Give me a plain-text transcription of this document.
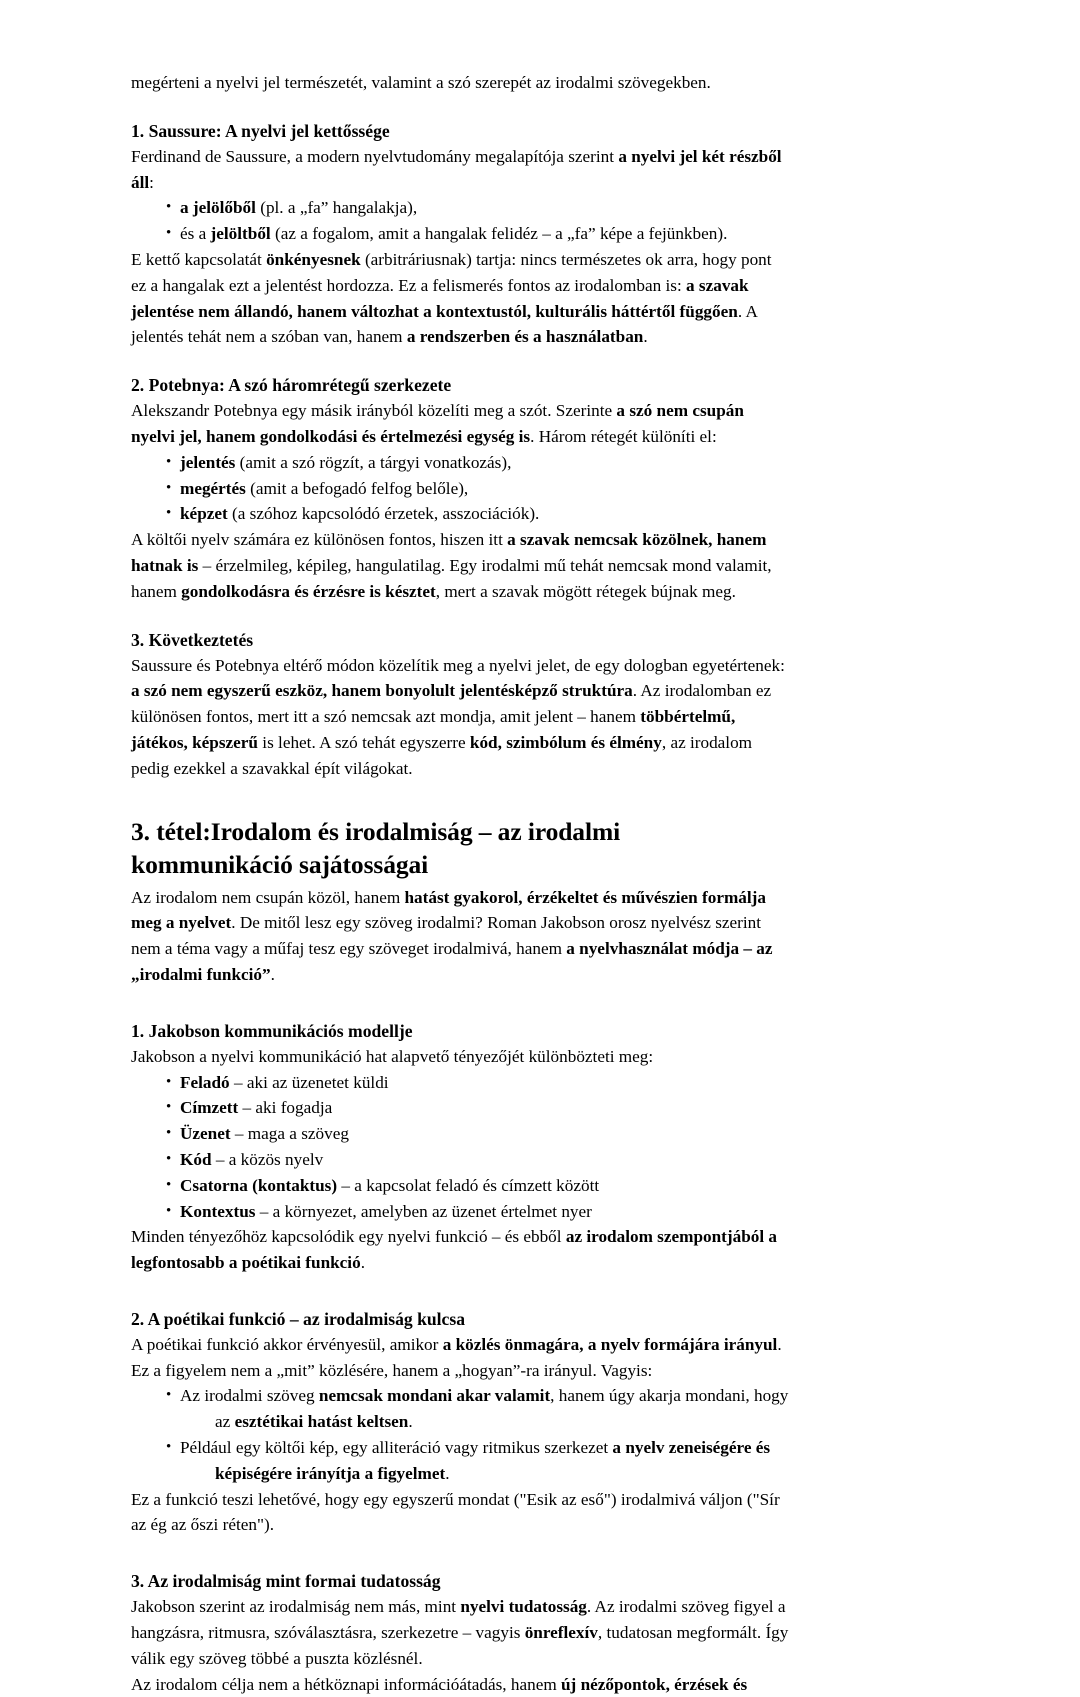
megérteni a nyelvi jel természetét, valamint a szó szerepét az irodalmi szövegekben.

1. Saussure: A nyelvi jel kettőssége

Ferdinand de Saussure, a modern nyelvtudomány megalapítója szerint a nyelvi jel két részből áll:

• a jelölőből (pl. a „fa” hangalakja),
• és a jelöltből (az a fogalom, amit a hangalak felidéz – a „fa” képe a fejünkben).

E kettő kapcsolatát önkényesnek (arbitráriusnak) tartja: nincs természetes ok arra, hogy pont ez a hangalak ezt a jelentést hordozza. Ez a felismerés fontos az irodalomban is: a szavak jelentése nem állandó, hanem változhat a kontextustól, kulturális háttértől függően. A jelentés tehát nem a szóban van, hanem a rendszerben és a használatban.

2. Potebnya: A szó háromrétegű szerkezete

Alekszandr Potebnya egy másik irányból közelíti meg a szót. Szerinte a szó nem csupán nyelvi jel, hanem gondolkodási és értelmezési egység is. Három rétegét különíti el:

• jelentés (amit a szó rögzít, a tárgyi vonatkozás),
• megértés (amit a befogadó felfog belőle),
• képzet (a szóhoz kapcsolódó érzetek, asszociációk).

A költői nyelv számára ez különösen fontos, hiszen itt a szavak nemcsak közölnek, hanem hatnak is – érzelmileg, képileg, hangulatilag. Egy irodalmi mű tehát nemcsak mond valamit, hanem gondolkodásra és érzésre is késztet, mert a szavak mögött rétegek bújnak meg.

3. Következtetés

Saussure és Potebnya eltérő módon közelítik meg a nyelvi jelet, de egy dologban egyetértenek: a szó nem egyszerű eszköz, hanem bonyolult jelentésképző struktúra. Az irodalomban ez különösen fontos, mert itt a szó nemcsak azt mondja, amit jelent – hanem többértelmű, játékos, képszerű is lehet. A szó tehát egyszerre kód, szimbólum és élmény, az irodalom pedig ezekkel a szavakkal épít világokat.

3. tétel:Irodalom és irodalmiság – az irodalmi
kommunikáció sajátosságai

Az irodalom nem csupán közöl, hanem hatást gyakorol, érzékeltet és művészien formálja meg a nyelvet. De mitől lesz egy szöveg irodalmi? Roman Jakobson orosz nyelvész szerint nem a téma vagy a műfaj tesz egy szöveget irodalmivá, hanem a nyelvhasználat módja – az „irodalmi funkció”.

1. Jakobson kommunikációs modellje

Jakobson a nyelvi kommunikáció hat alapvető tényezőjét különbözteti meg:

• Feladó – aki az üzenetet küldi
• Címzett – aki fogadja
• Üzenet – maga a szöveg
• Kód – a közös nyelv
• Csatorna (kontaktus) – a kapcsolat feladó és címzett között
• Kontextus – a környezet, amelyben az üzenet értelmet nyer

Minden tényezőhöz kapcsolódik egy nyelvi funkció – és ebből az irodalom szempontjából a legfontosabb a poétikai funkció.

2. A poétikai funkció – az irodalmiság kulcsa

A poétikai funkció akkor érvényesül, amikor a közlés önmagára, a nyelv formájára irányul. Ez a figyelem nem a „mit” közlésére, hanem a „hogyan”-ra irányul. Vagyis:

• Az irodalmi szöveg nemcsak mondani akar valamit, hanem úgy akarja mondani, hogy
az esztétikai hatást keltsen.
• Például egy költői kép, egy alliteráció vagy ritmikus szerkezet a nyelv zeneiségére és
képiségére irányítja a figyelmet.

Ez a funkció teszi lehetővé, hogy egy egyszerű mondat ("Esik az eső") irodalmivá váljon ("Sír az ég az őszi réten").

3. Az irodalmiság mint formai tudatosság

Jakobson szerint az irodalmiság nem más, mint nyelvi tudatosság. Az irodalmi szöveg figyel a hangzásra, ritmusra, szóválasztásra, szerkezetre – vagyis önreflexív, tudatosan megformált. Így válik egy szöveg többé a puszta közlésnél.

Az irodalom célja nem a hétköznapi információátadás, hanem új nézőpontok, érzések és
